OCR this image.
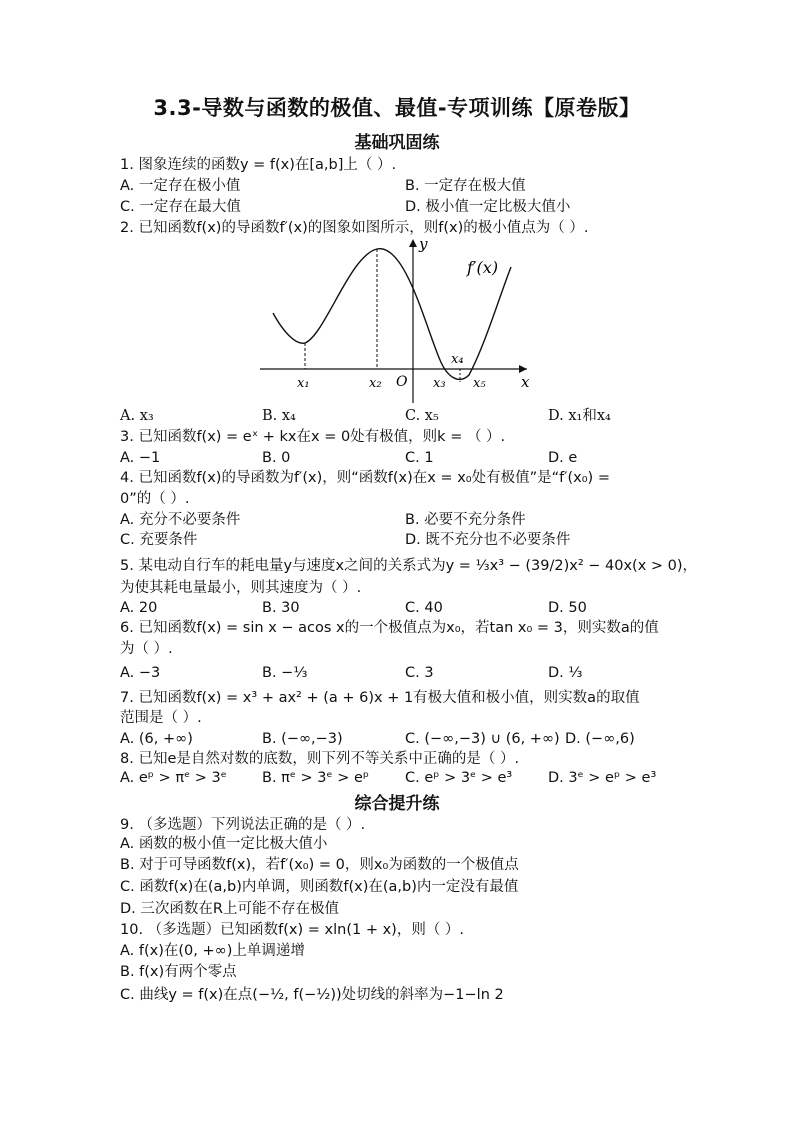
3.3-导数与函数的极值、最值-专项训练【原卷版】
基础巩固练
1. 图象连续的函数y = f(x)在[a,b]上（ ）.
A. 一定存在极小值	B. 一定存在极大值
C. 一定存在最大值	D. 极小值一定比极大值小
2. 已知函数f(x)的导函数f′(x)的图象如图所示，则f(x)的极小值点为（ ）.
f′(x)
y
x
O
x₁	x₂	x₃
x₄
x₅
A. x₃	B. x₄	C. x₅	D. x₁和x₄
3. 已知函数f(x) = eˣ + kx在x = 0处有极值，则k = （ ）.
A. −1	B. 0	C. 1	D. e
4. 已知函数f(x)的导函数为f′(x)，则“函数f(x)在x = x₀处有极值”是“f′(x₀) =
0”的（ ）.
A. 充分不必要条件	B. 必要不充分条件
C. 充要条件	D. 既不充分也不必要条件
5. 某电动自行车的耗电量y与速度x之间的关系式为y = ⅓x³ − (39/2)x² − 40x(x > 0)，
为使其耗电量最小，则其速度为（ ）.
A. 20	B. 30	C. 40	D. 50
6. 已知函数f(x) = sin x − acos x的一个极值点为x₀，若tan x₀ = 3，则实数a的值
为（ ）.
A. −3	B. −⅓	C. 3	D. ⅓
7. 已知函数f(x) = x³ + ax² + (a + 6)x + 1有极大值和极小值，则实数a的取值
范围是（ ）.
A. (6, +∞)	B. (−∞,−3)	C. (−∞,−3) ∪ (6, +∞) D. (−∞,6)
8. 已知e是自然对数的底数，则下列不等关系中正确的是（ ）.
A. eᵖ > πᵉ > 3ᵉ B. πᵉ > 3ᵉ > eᵖ C. eᵖ > 3ᵉ > e³ D. 3ᵉ > eᵖ > e³
综合提升练
9. （多选题）下列说法正确的是（ ）.
A. 函数的极小值一定比极大值小
B. 对于可导函数f(x)，若f′(x₀) = 0，则x₀为函数的一个极值点
C. 函数f(x)在(a,b)内单调，则函数f(x)在(a,b)内一定没有最值
D. 三次函数在R上可能不存在极值
10. （多选题）已知函数f(x) = xln(1 + x)，则（ ）.
A. f(x)在(0, +∞)上单调递增
B. f(x)有两个零点
C. 曲线y = f(x)在点(−½, f(−½))处切线的斜率为−1−ln 2
